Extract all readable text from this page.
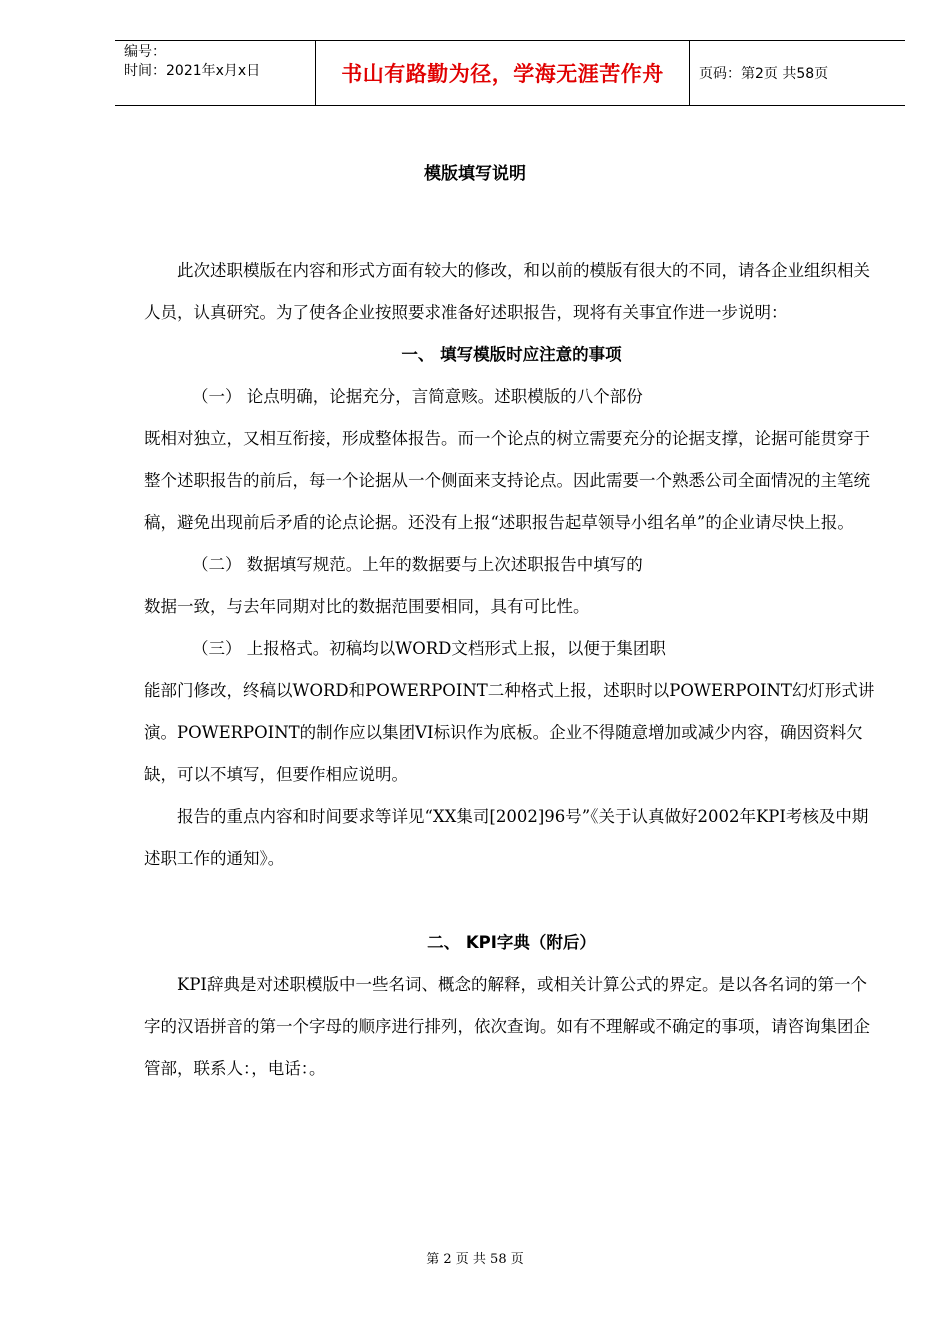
编号：
时间：2021年x月x日	书山有路勤为径，学海无涯苦作舟	页码：第2页 共58页
模版填写说明

此次述职模版在内容和形式方面有较大的修改，和以前的模版有很大的不同，请各企业组织相关人员，认真研究。为了使各企业按照要求准备好述职报告，现将有关事宜作进一步说明：

一、 填写模版时应注意的事项

（一） 论点明确，论据充分，言简意赅。述职模版的八个部份

既相对独立，又相互衔接，形成整体报告。而一个论点的树立需要充分的论据支撑，论据可能贯穿于整个述职报告的前后，每一个论据从一个侧面来支持论点。因此需要一个熟悉公司全面情况的主笔统稿，避免出现前后矛盾的论点论据。还没有上报“述职报告起草领导小组名单”的企业请尽快上报。

（二） 数据填写规范。上年的数据要与上次述职报告中填写的

数据一致，与去年同期对比的数据范围要相同，具有可比性。

（三） 上报格式。初稿均以WORD文档形式上报，以便于集团职

能部门修改，终稿以WORD和POWERPOINT二种格式上报，述职时以POWERPOINT幻灯形式讲演。POWERPOINT的制作应以集团VI标识作为底板。企业不得随意增加或减少内容，确因资料欠缺，可以不填写，但要作相应说明。

报告的重点内容和时间要求等详见“XX集司[2002]96号”《关于认真做好2002年KPI考核及中期述职工作的通知》。

二、 KPI字典（附后）

KPI辞典是对述职模版中一些名词、概念的解释，或相关计算公式的界定。是以各名词的第一个字的汉语拼音的第一个字母的顺序进行排列，依次查询。如有不理解或不确定的事项，请咨询集团企管部，联系人：，电话：。

第 2 页 共 58 页
